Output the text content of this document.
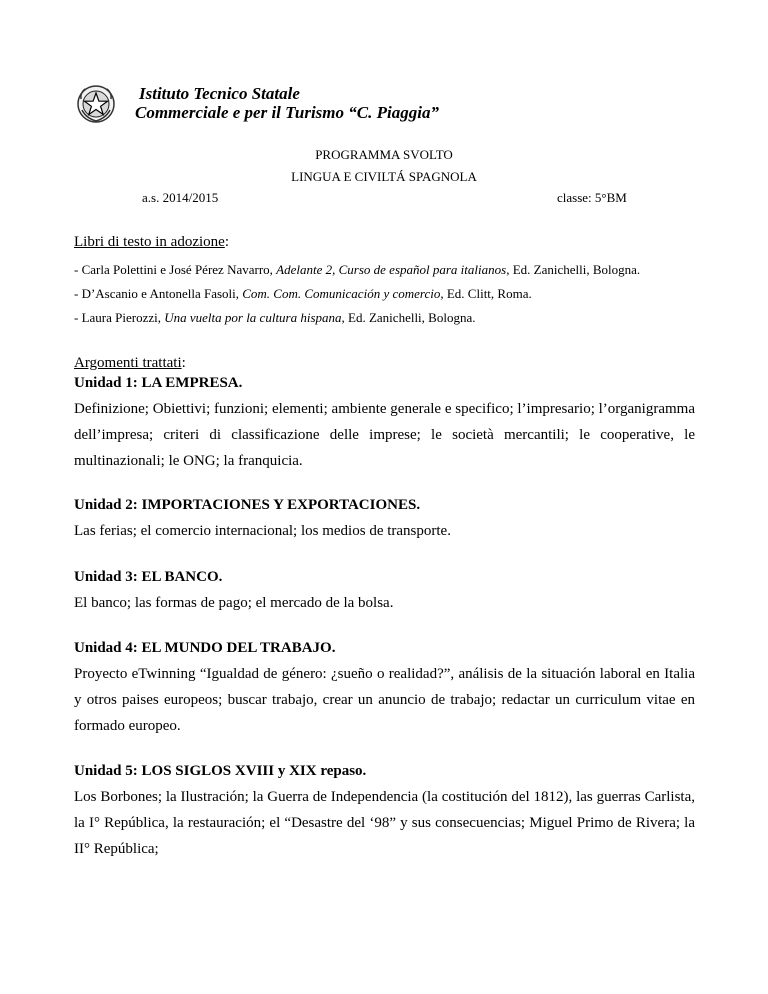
Istituto Tecnico Statale
Commerciale e per il Turismo “C. Piaggia”
PROGRAMMA SVOLTO
LINGUA E CIVILTÁ SPAGNOLA
a.s. 2014/2015	classe: 5°BM
Libri di testo in adozione:
- Carla Polettini e José Pérez Navarro, Adelante 2, Curso de español para italianos, Ed. Zanichelli, Bologna.
- D’Ascanio e Antonella Fasoli, Com. Com. Comunicación y comercio, Ed. Clitt, Roma.
- Laura Pierozzi, Una vuelta por la cultura hispana, Ed. Zanichelli, Bologna.
Argomenti trattati:
Unidad 1: LA EMPRESA.
Definizione; Obiettivi; funzioni; elementi; ambiente generale e specifico; l’impresario; l’organigramma dell’impresa; criteri di classificazione delle imprese; le società mercantili; le cooperative, le multinazionali; le ONG; la franquicia.
Unidad 2: IMPORTACIONES Y EXPORTACIONES.
Las ferias; el comercio internacional; los medios de transporte.
Unidad 3: EL BANCO.
El banco; las formas de pago; el mercado de la bolsa.
Unidad 4: EL MUNDO DEL TRABAJO.
Proyecto eTwinning “Igualdad de género: ¿sueño o realidad?”, análisis de la situación laboral en Italia y otros paises europeos; buscar trabajo, crear un anuncio de trabajo; redactar un curriculum vitae en formado europeo.
Unidad 5: LOS SIGLOS XVIII y XIX repaso.
Los Borbones; la Ilustración; la Guerra de Independencia (la costitución del 1812), las guerras Carlista, la I° República, la restauración; el “Desastre del ‘98” y sus consecuencias; Miguel Primo de Rivera; la II° República;
